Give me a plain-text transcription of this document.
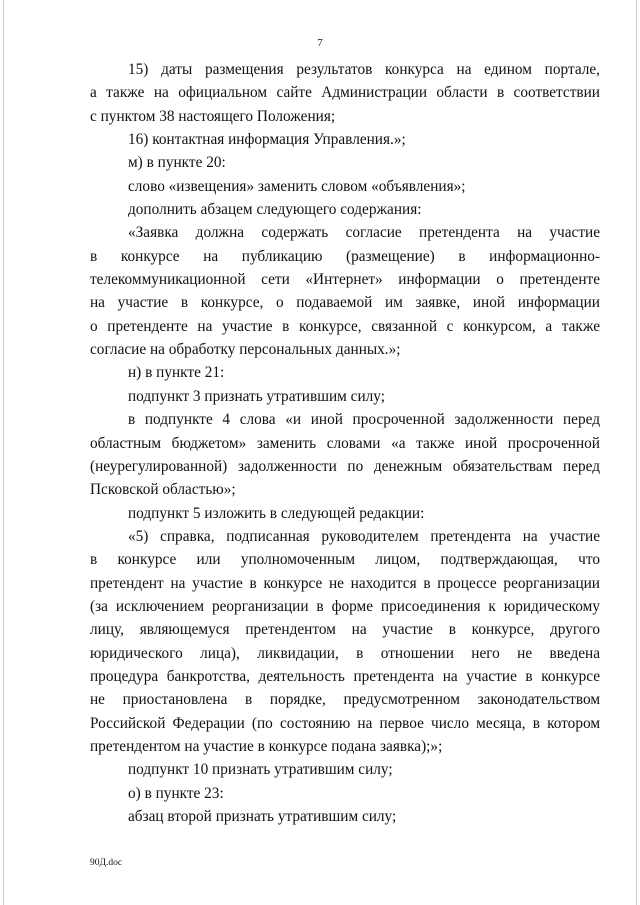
7
15) даты размещения результатов конкурса на едином портале,
а также на официальном сайте Администрации области в соответствии
с пунктом 38 настоящего Положения;
16) контактная информация Управления.»;
м) в пункте 20:
слово «извещения» заменить словом «объявления»;
дополнить абзацем следующего содержания:
«Заявка должна содержать согласие претендента на участие
в конкурсе на публикацию (размещение) в информационно-
телекоммуникационной сети «Интернет» информации о претенденте
на участие в конкурсе, о подаваемой им заявке, иной информации
о претенденте на участие в конкурсе, связанной с конкурсом, а также
согласие на обработку персональных данных.»;
н) в пункте 21:
подпункт 3 признать утратившим силу;
в подпункте 4 слова «и иной просроченной задолженности перед
областным бюджетом» заменить словами «а также иной просроченной
(неурегулированной) задолженности по денежным обязательствам перед
Псковской областью»;
подпункт 5 изложить в следующей редакции:
«5) справка, подписанная руководителем претендента на участие
в конкурсе или уполномоченным лицом, подтверждающая, что
претендент на участие в конкурсе не находится в процессе реорганизации
(за исключением реорганизации в форме присоединения к юридическому
лицу, являющемуся претендентом на участие в конкурсе, другого
юридического лица), ликвидации, в отношении него не введена
процедура банкротства, деятельность претендента на участие в конкурсе
не приостановлена в порядке, предусмотренном законодательством
Российской Федерации (по состоянию на первое число месяца, в котором
претендентом на участие в конкурсе подана заявка);»;
подпункт 10 признать утратившим силу;
о) в пункте 23:
абзац второй признать утратившим силу;
90Д.doc
